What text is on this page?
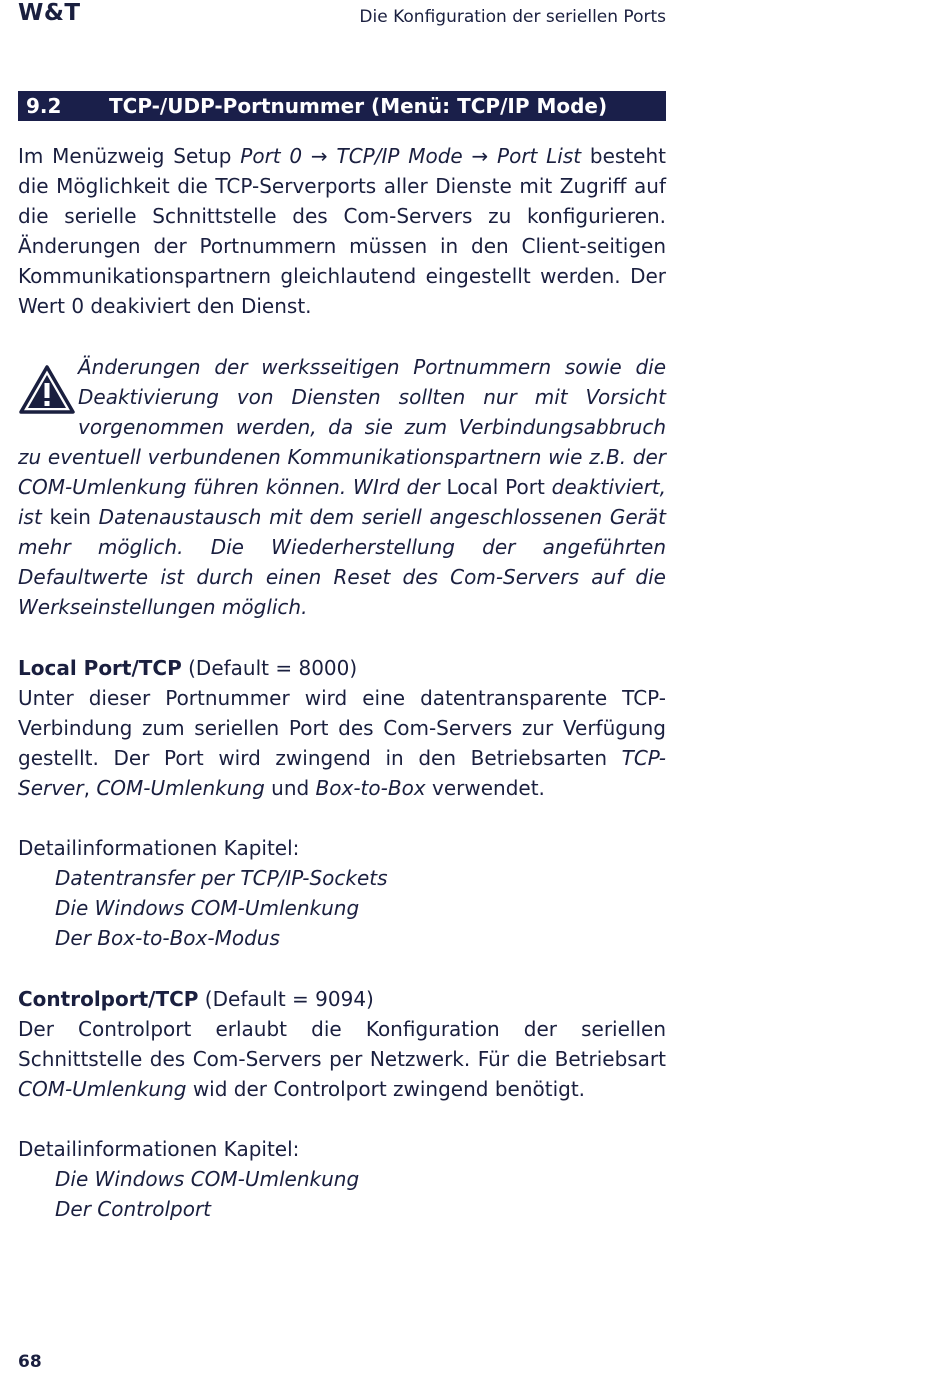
W&T	Die Konfiguration der seriellen Ports
9.2 TCP-/UDP-Portnummer (Menü: TCP/IP Mode)

Im Menüzweig Setup Port 0 → TCP/IP Mode → Port List besteht die Möglichkeit die TCP-Serverports aller Dienste mit Zugriff auf die serielle Schnittstelle des Com-Servers zu konfigurieren. Änderungen der Portnummern müssen in den Client-seitigen Kommunikationspartnern gleichlautend eingestellt werden. Der Wert 0 deakiviert den Dienst.

Änderungen der werksseitigen Portnummern sowie die Deaktivierung von Diensten sollten nur mit Vorsicht vorgenommen werden, da sie zum Verbindungsabbruch zu eventuell verbundenen Kommunikationspartnern wie z.B. der COM-Umlenkung führen können. WIrd der Local Port deaktiviert, ist kein Datenaustausch mit dem seriell angeschlossenen Gerät mehr möglich. Die Wiederherstellung der angeführten Defaultwerte ist durch einen Reset des Com-Servers auf die Werkseinstellungen möglich.

Local Port/TCP (Default = 8000)

Unter dieser Portnummer wird eine datentransparente TCP-Verbindung zum seriellen Port des Com-Servers zur Verfügung gestellt. Der Port wird zwingend in den Betriebsarten TCP-Server, COM-Umlenkung und Box-to-Box verwendet.

Detailinformationen Kapitel:

Datentransfer per TCP/IP-Sockets

Die Windows COM-Umlenkung

Der Box-to-Box-Modus

Controlport/TCP (Default = 9094)

Der Controlport erlaubt die Konfiguration der seriellen Schnittstelle des Com-Servers per Netzwerk. Für die Betriebsart COM-Umlenkung wid der Controlport zwingend benötigt.

Detailinformationen Kapitel:

Die Windows COM-Umlenkung

Der Controlport

68
